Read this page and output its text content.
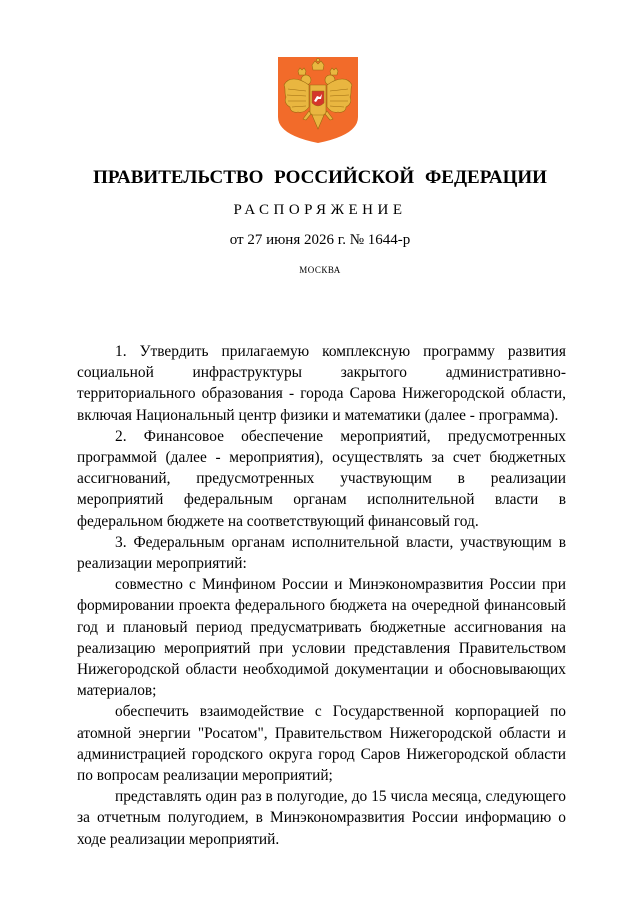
ПРАВИТЕЛЬСТВО РОССИЙСКОЙ ФЕДЕРАЦИИ
РАСПОРЯЖЕНИЕ
от 27 июня 2026 г. № 1644-р
МОСКВА

1. Утвердить прилагаемую комплексную программу развития социальной инфраструктуры закрытого административно-территориального образования - города Сарова Нижегородской области, включая Национальный центр физики и математики (далее - программа).

2. Финансовое обеспечение мероприятий, предусмотренных программой (далее - мероприятия), осуществлять за счет бюджетных ассигнований, предусмотренных участвующим в реализации мероприятий федеральным органам исполнительной власти в федеральном бюджете на соответствующий финансовый год.

3. Федеральным органам исполнительной власти, участвующим в реализации мероприятий:

совместно с Минфином России и Минэкономразвития России при формировании проекта федерального бюджета на очередной финансовый год и плановый период предусматривать бюджетные ассигнования на реализацию мероприятий при условии представления Правительством Нижегородской области необходимой документации и обосновывающих материалов;

обеспечить взаимодействие с Государственной корпорацией по атомной энергии "Росатом", Правительством Нижегородской области и администрацией городского округа город Саров Нижегородской области по вопросам реализации мероприятий;

представлять один раз в полугодие, до 15 числа месяца, следующего за отчетным полугодием, в Минэкономразвития России информацию о ходе реализации мероприятий.
